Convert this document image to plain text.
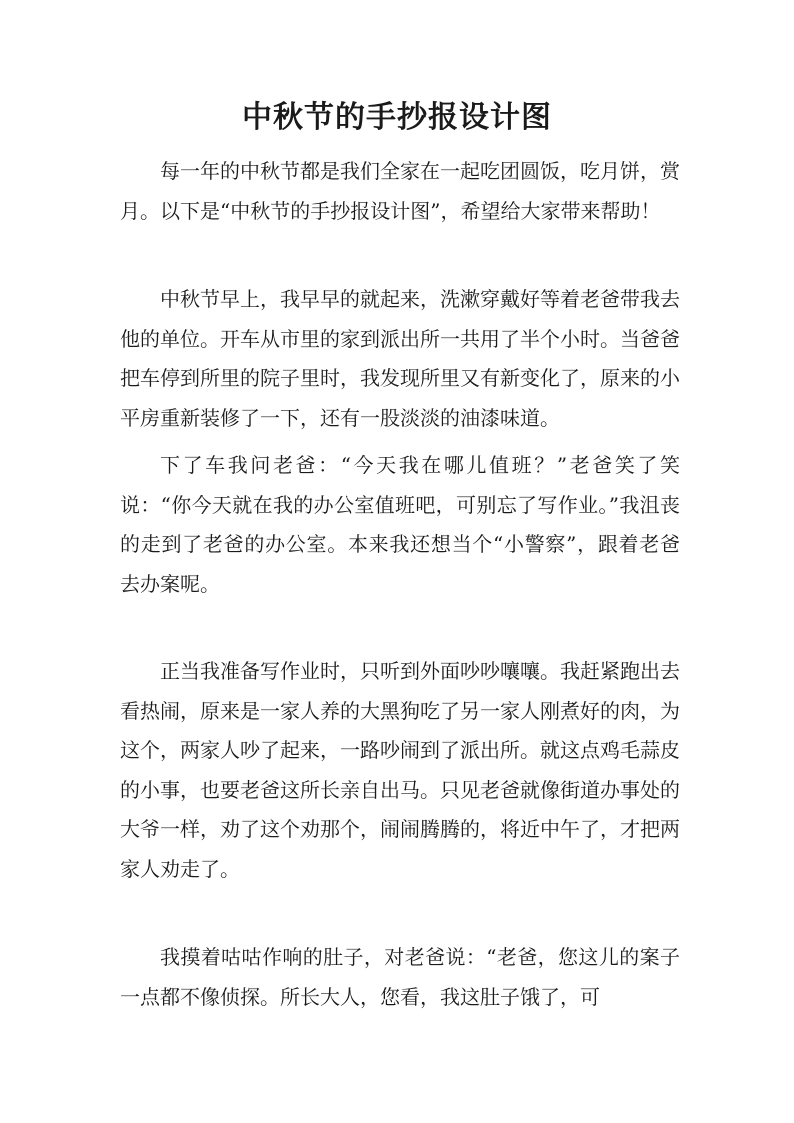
中秋节的手抄报设计图

每一年的中秋节都是我们全家在一起吃团圆饭，吃月饼，赏月。以下是“中秋节的手抄报设计图”，希望给大家带来帮助！

中秋节早上，我早早的就起来，洗漱穿戴好等着老爸带我去他的单位。开车从市里的家到派出所一共用了半个小时。当爸爸把车停到所里的院子里时，我发现所里又有新变化了，原来的小平房重新装修了一下，还有一股淡淡的油漆味道。

下了车我问老爸：“今天我在哪儿值班？”老爸笑了笑说：“你今天就在我的办公室值班吧，可别忘了写作业。”我沮丧的走到了老爸的办公室。本来我还想当个“小警察”，跟着老爸去办案呢。

正当我准备写作业时，只听到外面吵吵嚷嚷。我赶紧跑出去看热闹，原来是一家人养的大黑狗吃了另一家人刚煮好的肉，为这个，两家人吵了起来，一路吵闹到了派出所。就这点鸡毛蒜皮的小事，也要老爸这所长亲自出马。只见老爸就像街道办事处的大爷一样，劝了这个劝那个，闹闹腾腾的，将近中午了，才把两家人劝走了。

我摸着咕咕作响的肚子，对老爸说：“老爸，您这儿的案子一点都不像侦探。所长大人，您看，我这肚子饿了，可
